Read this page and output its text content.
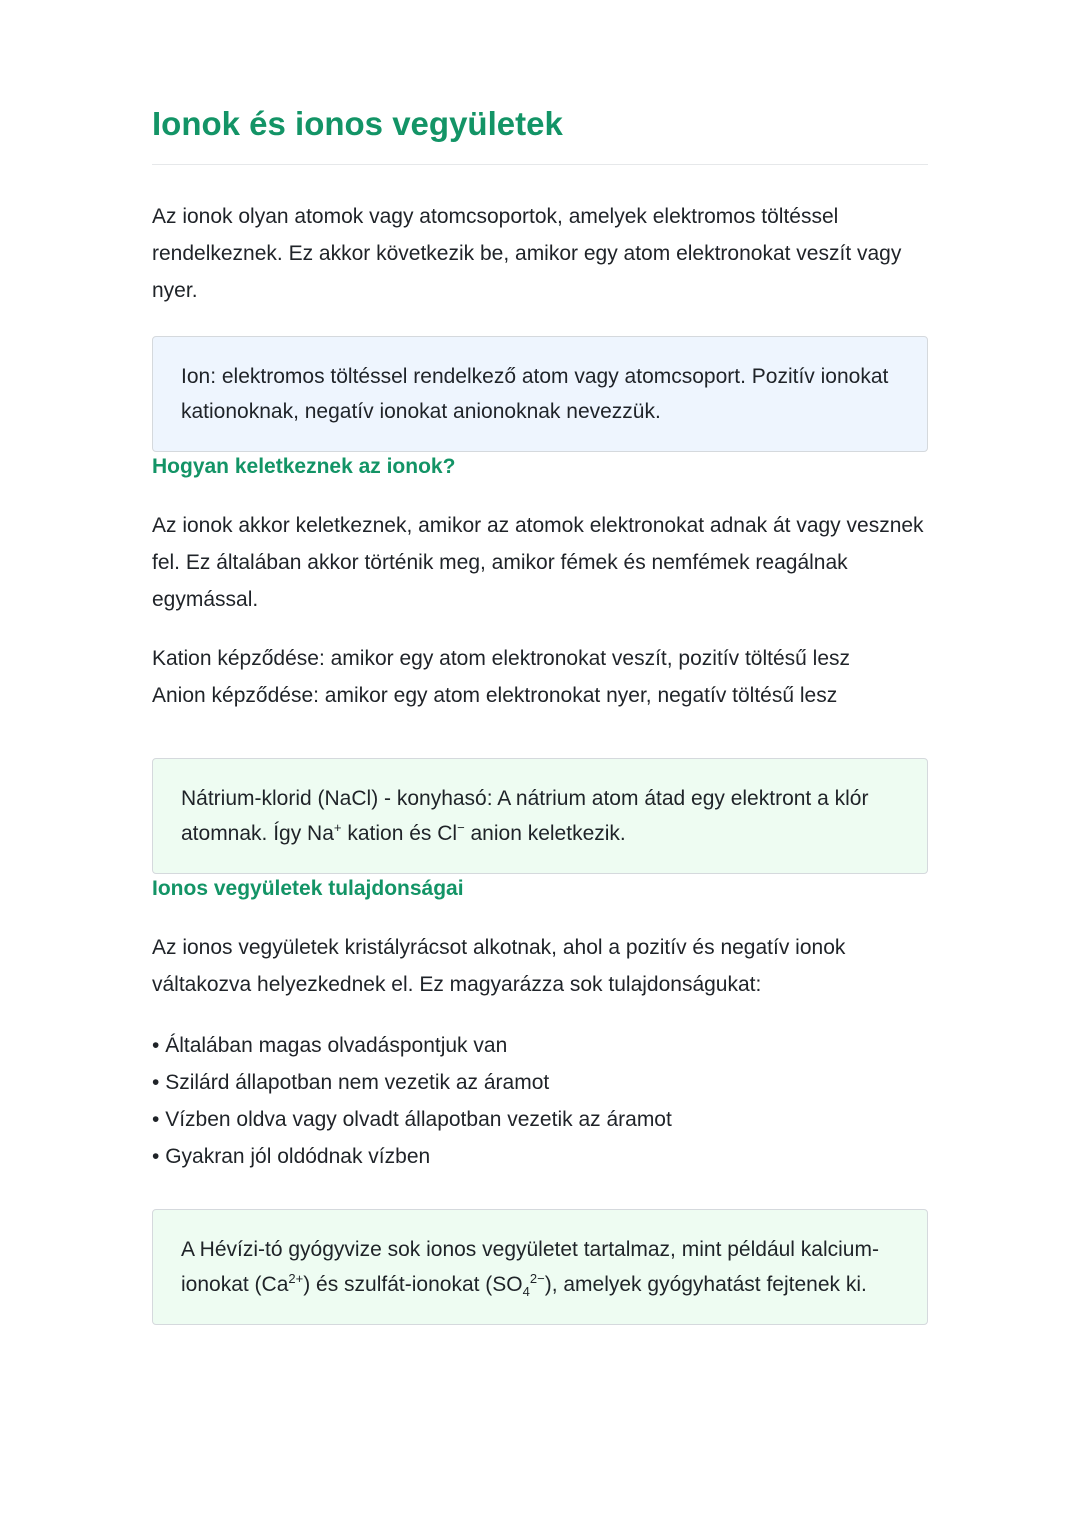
Ionok és ionos vegyületek

Az ionok olyan atomok vagy atomcsoportok, amelyek elektromos töltéssel rendelkeznek. Ez akkor következik be, amikor egy atom elektronokat veszít vagy nyer.

Ion: elektromos töltéssel rendelkező atom vagy atomcsoport. Pozitív ionokat kationoknak, negatív ionokat anionoknak nevezzük.
Hogyan keletkeznek az ionok?

Az ionok akkor keletkeznek, amikor az atomok elektronokat adnak át vagy vesznek fel. Ez általában akkor történik meg, amikor fémek és nemfémek reagálnak egymással.

Kation képződése: amikor egy atom elektronokat veszít, pozitív töltésű lesz

Anion képződése: amikor egy atom elektronokat nyer, negatív töltésű lesz

Nátrium-klorid (NaCl) - konyhasó: A nátrium atom átad egy elektront a klór atomnak. Így Na+ kation és Cl− anion keletkezik.
Ionos vegyületek tulajdonságai

Az ionos vegyületek kristályrácsot alkotnak, ahol a pozitív és negatív ionok váltakozva helyezkednek el. Ez magyarázza sok tulajdonságukat:

• Általában magas olvadáspontjuk van
• Szilárd állapotban nem vezetik az áramot
• Vízben oldva vagy olvadt állapotban vezetik az áramot
• Gyakran jól oldódnak vízben
A Hévízi-tó gyógyvize sok ionos vegyületet tartalmaz, mint például kalcium-ionokat $(Ca^{2+})$ és szulfát-ionokat $(SO_4^{2-})$, amelyek gyógyhatást fejtenek ki.
